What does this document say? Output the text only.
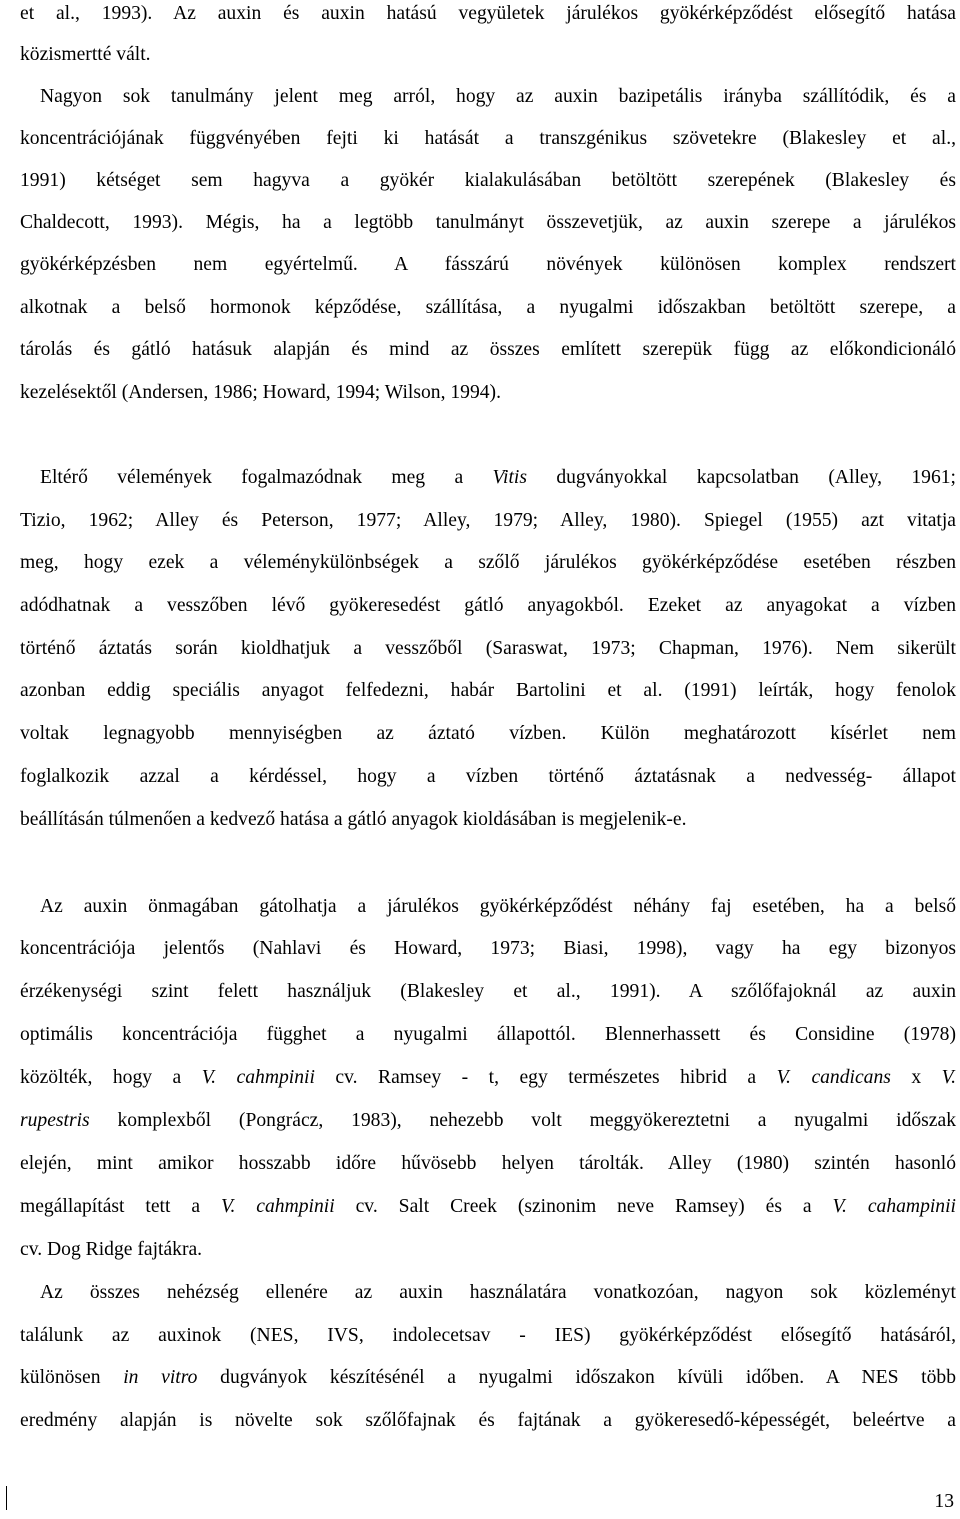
et al., 1993). Az auxin és auxin hatású vegyületek járulékos gyökérképződést elősegítő hatása
közismertté vált.
Nagyon sok tanulmány jelent meg arról, hogy az auxin bazipetális irányba szállítódik, és a
koncentrációjának függvényében fejti ki hatását a transzgénikus szövetekre (Blakesley et al.,
1991) kétséget sem hagyva a gyökér kialakulásában betöltött szerepének (Blakesley és
Chaldecott, 1993). Mégis, ha a legtöbb tanulmányt összevetjük, az auxin szerepe a járulékos
gyökérképzésben nem egyértelmű. A fásszárú növények különösen komplex rendszert
alkotnak a belső hormonok képződése, szállítása, a nyugalmi időszakban betöltött szerepe, a
tárolás és gátló hatásuk alapján és mind az összes említett szerepük függ az előkondicionáló
kezelésektől (Andersen, 1986; Howard, 1994; Wilson, 1994).
Eltérő vélemények fogalmazódnak meg a Vitis dugványokkal kapcsolatban (Alley, 1961;
Tizio, 1962; Alley és Peterson, 1977; Alley, 1979; Alley, 1980). Spiegel (1955) azt vitatja
meg, hogy ezek a véleménykülönbségek a szőlő járulékos gyökérképződése esetében részben
adódhatnak a vesszőben lévő gyökeresedést gátló anyagokból. Ezeket az anyagokat a vízben
történő áztatás során kioldhatjuk a vesszőből (Saraswat, 1973; Chapman, 1976). Nem sikerült
azonban eddig speciális anyagot felfedezni, habár Bartolini et al. (1991) leírták, hogy fenolok
voltak legnagyobb mennyiségben az áztató vízben. Külön meghatározott kísérlet nem
foglalkozik azzal a kérdéssel, hogy a vízben történő áztatásnak a nedvesség- állapot
beállításán túlmenően a kedvező hatása a gátló anyagok kioldásában is megjelenik-e.
Az auxin önmagában gátolhatja a járulékos gyökérképződést néhány faj esetében, ha a belső
koncentrációja jelentős (Nahlavi és Howard, 1973; Biasi, 1998), vagy ha egy bizonyos
érzékenységi szint felett használjuk (Blakesley et al., 1991). A szőlőfajoknál az auxin
optimális koncentrációja függhet a nyugalmi állapottól. Blennerhassett és Considine (1978)
közölték, hogy a V. cahmpinii cv. Ramsey - t, egy természetes hibrid a V. candicans x V.
rupestris komplexből (Pongrácz, 1983), nehezebb volt meggyökereztetni a nyugalmi időszak
elején, mint amikor hosszabb időre hűvösebb helyen tárolták. Alley (1980) szintén hasonló
megállapítást tett a V. cahmpinii cv. Salt Creek (szinonim neve Ramsey) és a V. cahampinii
cv. Dog Ridge fajtákra.
Az összes nehézség ellenére az auxin használatára vonatkozóan, nagyon sok közleményt
találunk az auxinok (NES, IVS, indolecetsav - IES) gyökérképződést elősegítő hatásáról,
különösen in vitro dugványok készítésénél a nyugalmi időszakon kívüli időben. A NES több
eredmény alapján is növelte sok szőlőfajnak és fajtának a gyökeresedő-képességét, beleértve a
13
